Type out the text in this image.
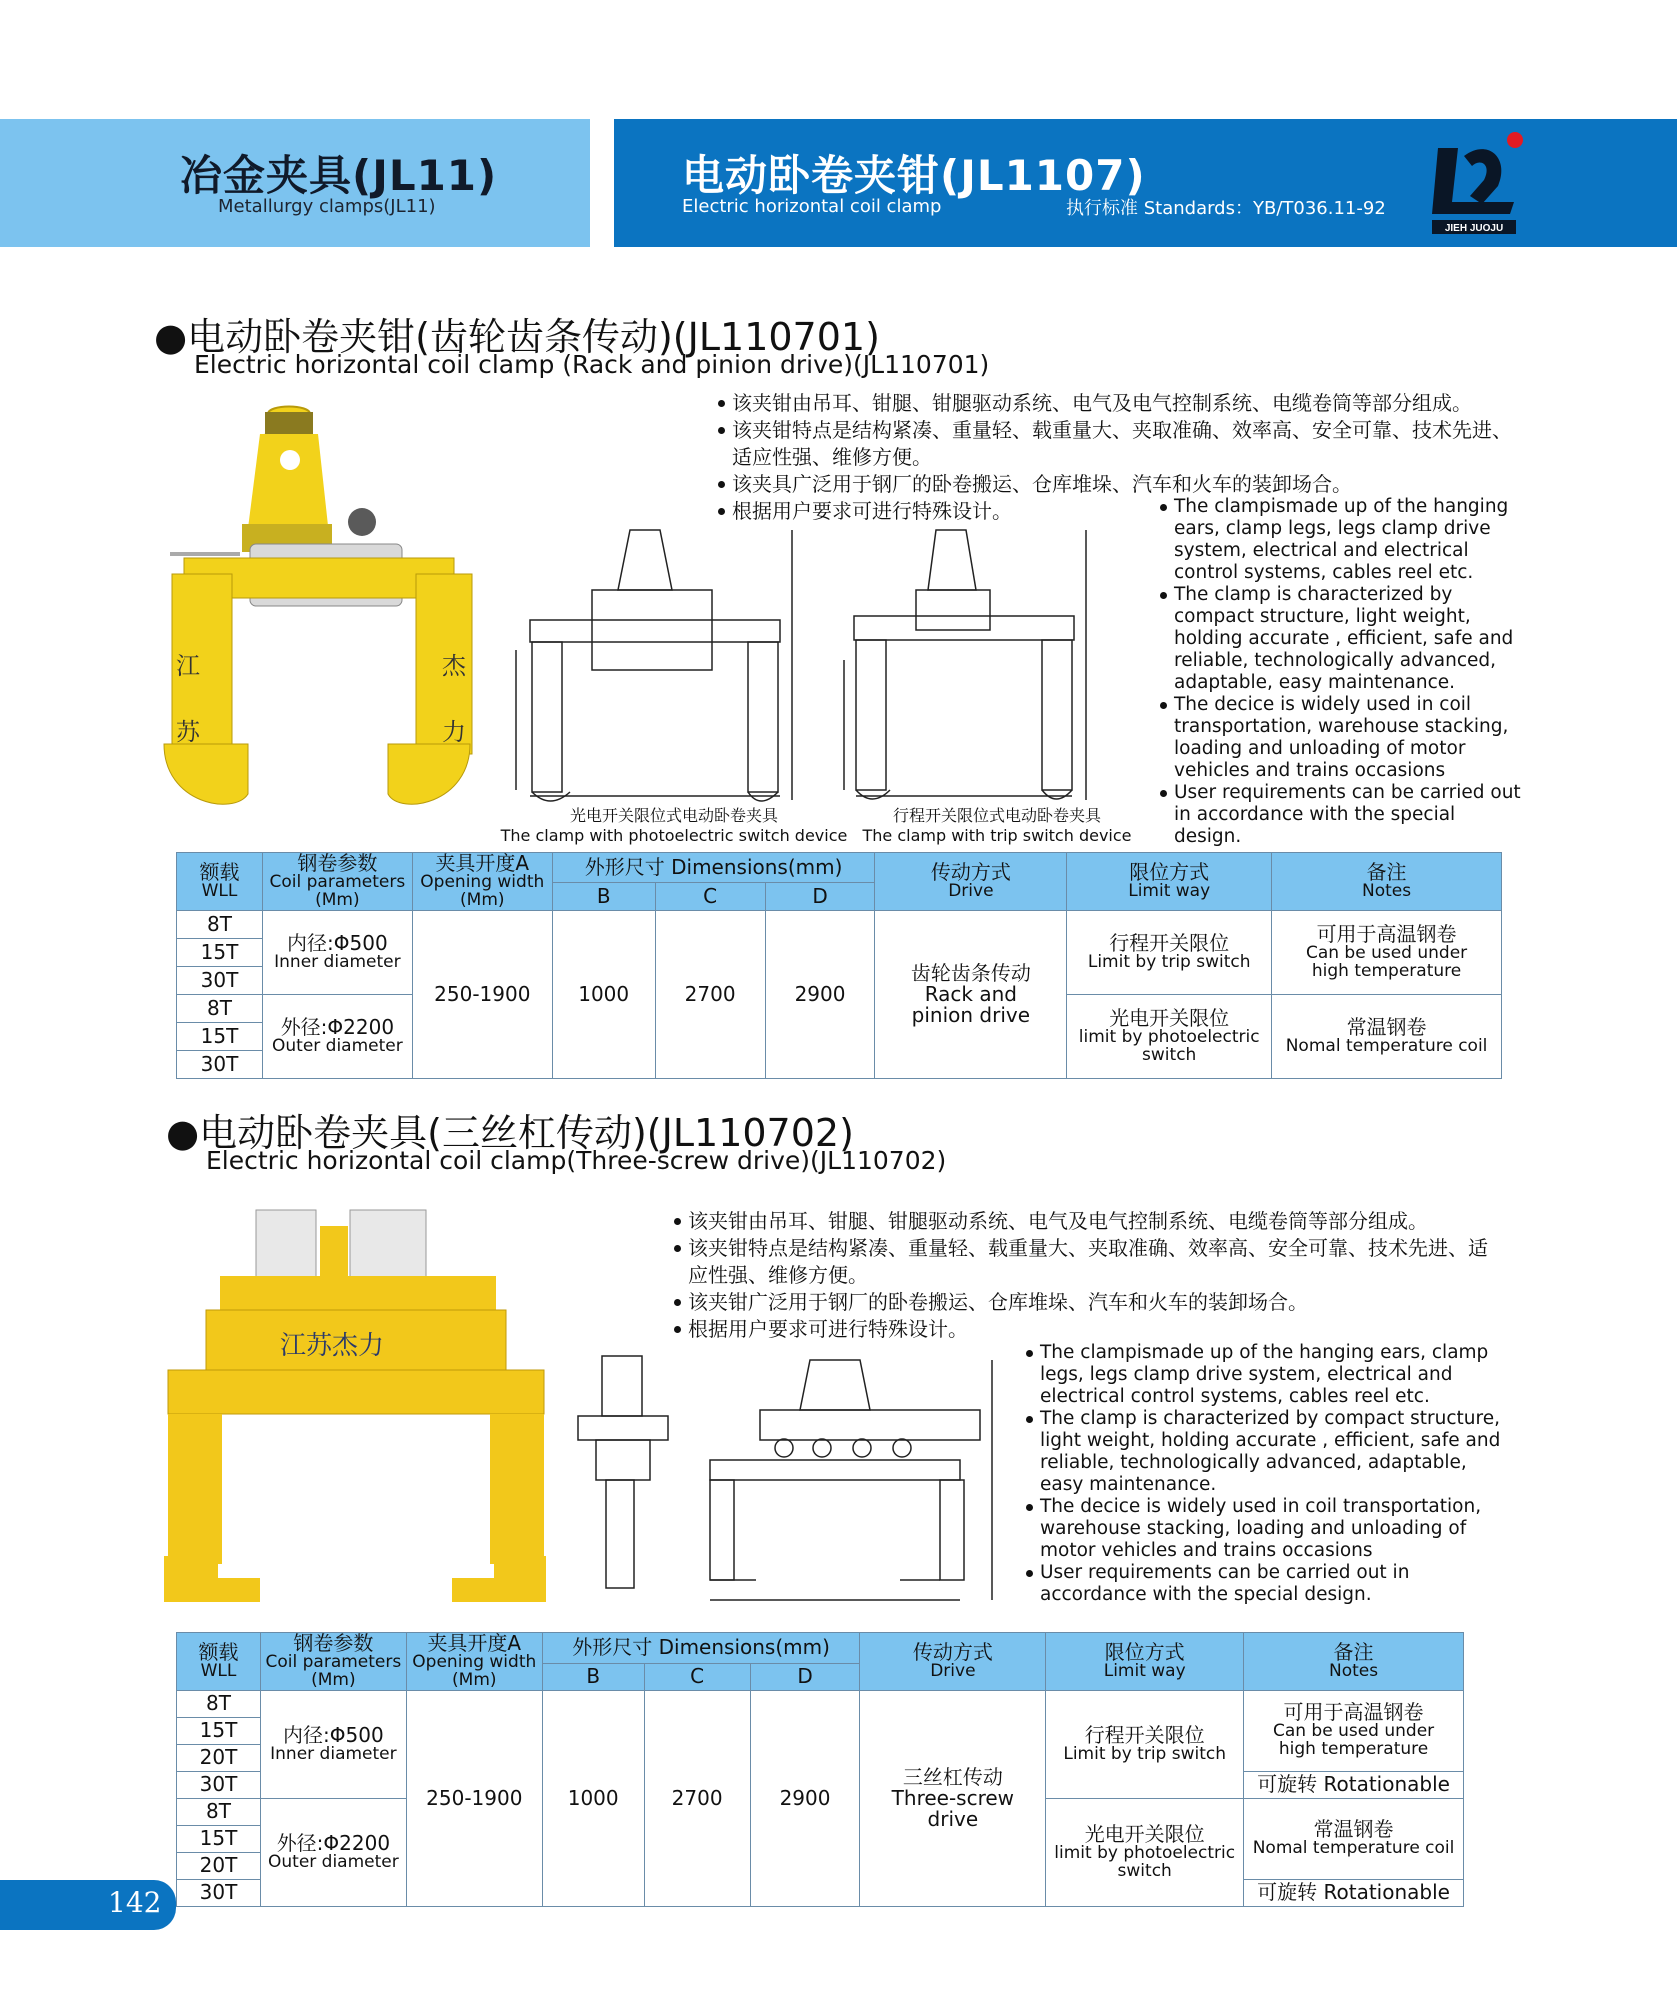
冶金夹具(JL11)
Metallurgy clamps(JL11)
电动卧卷夹钳(JL1107)
Electric horizontal coil clamp	执行标准 Standards：YB/T036.11-92
JIEH JUOJU
●电动卧卷夹钳(齿轮齿条传动)(JL110701)
Electric horizontal coil clamp (Rack and pinion drive)(JL110701)
江
苏
杰
力
光电开关限位式电动卧卷夹具
The clamp with photoelectric switch device
行程开关限位式电动卧卷夹具
The clamp with trip switch device
该夹钳由吊耳、钳腿、钳腿驱动系统、电气及电气控制系统、电缆卷筒等部分组成。
该夹钳特点是结构紧凑、重量轻、载重量大、夹取准确、效率高、安全可靠、技术先进、适应性强、维修方便。
该夹具广泛用于钢厂的卧卷搬运、仓库堆垛、汽车和火车的装卸场合。
根据用户要求可进行特殊设计。	The clampismade up of the hanging ears, clamp legs, legs clamp drive system, electrical and electrical control systems, cables reel etc.
The clamp is characterized by compact structure, light weight, holding accurate , efficient, safe and reliable, technologically advanced, adaptable, easy maintenance.
The decice is widely used in coil transportation, warehouse stacking, loading and unloading of motor vehicles and trains occasions
User requirements can be carried out in accordance with the special design.
额载
WLL	钢卷参数
Coil parameters
(Mm)	夹具开度A
Opening width
(Mm)	外形尺寸 Dimensions(mm)			传动方式
Drive	限位方式
Limit way	备注
Notes

			B	C	D			
8T	内径:Φ500
Inner diameter	250-1900	1000	2700	2900	齿轮齿条传动
Rack and
pinion drive	行程开关限位
Limit by trip switch	可用于高温钢卷
Can be used under
high temperature

15T								
30T								
8T	外径:Φ2200
Outer diameter						光电开关限位
limit by photoelectric
switch	常温钢卷
Nomal temperature coil

15T								
30T								
●电动卧卷夹具(三丝杠传动)(JL110702)
Electric horizontal coil clamp(Three-screw drive)(JL110702)
江苏杰力
该夹钳由吊耳、钳腿、钳腿驱动系统、电气及电气控制系统、电缆卷筒等部分组成。
该夹钳特点是结构紧凑、重量轻、载重量大、夹取准确、效率高、安全可靠、技术先进、适应性强、维修方便。
该夹钳广泛用于钢厂的卧卷搬运、仓库堆垛、汽车和火车的装卸场合。
根据用户要求可进行特殊设计。
The clampismade up of the hanging ears, clamp legs, legs clamp drive system, electrical and electrical control systems, cables reel etc.
The clamp is characterized by compact structure, light weight, holding accurate , efficient, safe and reliable, technologically advanced, adaptable, easy maintenance.
The decice is widely used in coil transportation, warehouse stacking, loading and unloading of motor vehicles and trains occasions
User requirements can be carried out in accordance with the special design.
额载
WLL	钢卷参数
Coil parameters
(Mm)	夹具开度A
Opening width
(Mm)	外形尺寸 Dimensions(mm)			传动方式
Drive	限位方式
Limit way	备注
Notes

			B	C	D			
8T	内径:Φ500
Inner diameter	250-1900	1000	2700	2900	三丝杠传动
Three-screw
drive	行程开关限位
Limit by trip switch	可用于高温钢卷
Can be used under
high temperature

15T								
20T								
30T								可旋转 Rotationable
8T	外径:Φ2200
Outer diameter						光电开关限位
limit by photoelectric
switch	常温钢卷
Nomal temperature coil

15T								
20T								
30T								可旋转 Rotationable
142
